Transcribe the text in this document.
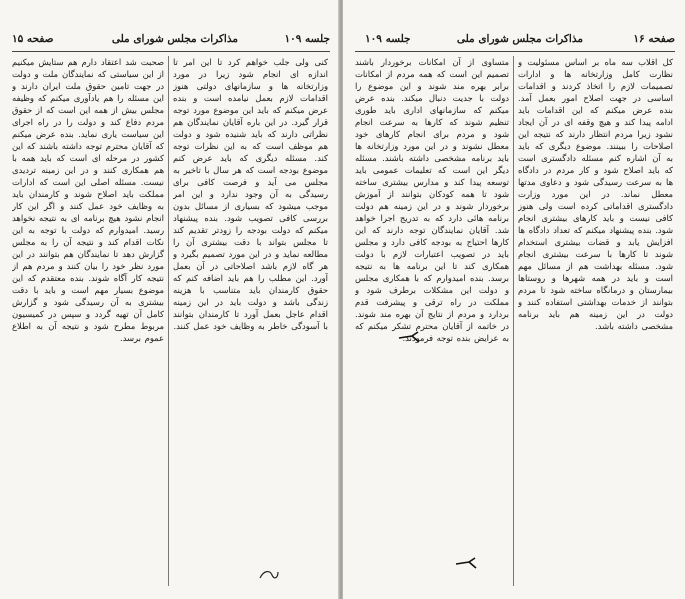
جلسه ۱۰۹
مذاکرات مجلس شورای ملی
صفحه ۱۵

صحبت شد اعتقاد دارم هم ستایش میکنیم از این سیاستی که نمایندگان ملت و دولت در جهت تامین حقوق ملت ایران دارند و این مسئله را هم یادآوری میکنم که وظیفه مجلس بیش از همه این است که از حقوق مردم دفاع کند و دولت را در راه اجرای این سیاست یاری نماید. بنده عرض میکنم که آقایان محترم توجه داشته باشند که این کشور در مرحله ای است که باید همه با هم همکاری کنند و در این زمینه تردیدی نیست. مسئله اصلی این است که ادارات مملکت باید اصلاح شوند و کارمندان باید به وظایف خود عمل کنند و اگر این کار انجام نشود هیچ برنامه ای به نتیجه نخواهد رسید. امیدوارم که دولت با توجه به این نکات اقدام کند و نتیجه آن را به مجلس گزارش دهد تا نمایندگان هم بتوانند در این مورد نظر خود را بیان کنند و مردم هم از نتیجه کار آگاه شوند. بنده معتقدم که این موضوع بسیار مهم است و باید با دقت بیشتری به آن رسیدگی شود و گزارش کامل آن تهیه گردد و سپس در کمیسیون مربوط مطرح شود و نتیجه آن به اطلاع عموم برسد.

کنی ولی جلب خواهم کرد تا این امر تا اندازه ای انجام شود زیرا در مورد وزارتخانه ها و سازمانهای دولتی هنوز اقدامات لازم بعمل نیامده است و بنده عرض میکنم که باید این موضوع مورد توجه قرار گیرد. در این باره آقایان نمایندگان هم نظراتی دارند که باید شنیده شود و دولت هم موظف است که به این نظرات توجه کند. مسئله دیگری که باید عرض کنم موضوع بودجه است که هر سال با تاخیر به مجلس می آید و فرصت کافی برای رسیدگی به آن وجود ندارد و این امر موجب میشود که بسیاری از مسائل بدون بررسی کافی تصویب شود. بنده پیشنهاد میکنم که دولت بودجه را زودتر تقدیم کند تا مجلس بتواند با دقت بیشتری آن را مطالعه نماید و در این مورد تصمیم بگیرد و هر گاه لازم باشد اصلاحاتی در آن بعمل آورد. این مطلب را هم باید اضافه کنم که حقوق کارمندان باید متناسب با هزینه زندگی باشد و دولت باید در این زمینه اقدام عاجل بعمل آورد تا کارمندان بتوانند با آسودگی خاطر به وظایف خود عمل کنند.

صفحه ۱۶
مذاکرات مجلس شورای ملی
جلسه ۱۰۹

متساوی از آن امکانات برخوردار باشند تصمیم این است که همه مردم از امکانات برابر بهره مند شوند و این موضوع را دولت با جدیت دنبال میکند. بنده عرض میکنم که سازمانهای اداری باید طوری تنظیم شوند که کارها به سرعت انجام شود و مردم برای انجام کارهای خود معطل نشوند و در این مورد وزارتخانه ها باید برنامه مشخصی داشته باشند. مسئله دیگر این است که تعلیمات عمومی باید توسعه پیدا کند و مدارس بیشتری ساخته شود تا همه کودکان بتوانند از آموزش برخوردار شوند و در این زمینه هم دولت برنامه هائی دارد که به تدریج اجرا خواهد شد. آقایان نمایندگان توجه دارند که این کارها احتیاج به بودجه کافی دارد و مجلس باید در تصویب اعتبارات لازم با دولت همکاری کند تا این برنامه ها به نتیجه برسد. بنده امیدوارم که با همکاری مجلس و دولت این مشکلات برطرف شود و مملکت در راه ترقی و پیشرفت قدم بردارد و مردم از نتایج آن بهره مند شوند. در خاتمه از آقایان محترم تشکر میکنم که به عرایض بنده توجه فرمودند.

کل اقلاب سه ماه بر اساس مسئولیت و نظارت کامل وزارتخانه ها و ادارات تصمیمات لازم را اتخاذ کردند و اقدامات اساسی در جهت اصلاح امور بعمل آمد. بنده عرض میکنم که این اقدامات باید ادامه پیدا کند و هیچ وقفه ای در آن ایجاد نشود زیرا مردم انتظار دارند که نتیجه این اصلاحات را ببینند. موضوع دیگری که باید به آن اشاره کنم مسئله دادگستری است که باید اصلاح شود و کار مردم در دادگاه ها به سرعت رسیدگی شود و دعاوی مدتها معطل نماند. در این مورد وزارت دادگستری اقداماتی کرده است ولی هنوز کافی نیست و باید کارهای بیشتری انجام شود. بنده پیشنهاد میکنم که تعداد دادگاه ها افزایش یابد و قضات بیشتری استخدام شوند تا کارها با سرعت بیشتری انجام شود. مسئله بهداشت هم از مسائل مهم است و باید در همه شهرها و روستاها بیمارستان و درمانگاه ساخته شود تا مردم بتوانند از خدمات بهداشتی استفاده کنند و دولت در این زمینه هم باید برنامه مشخصی داشته باشد.
